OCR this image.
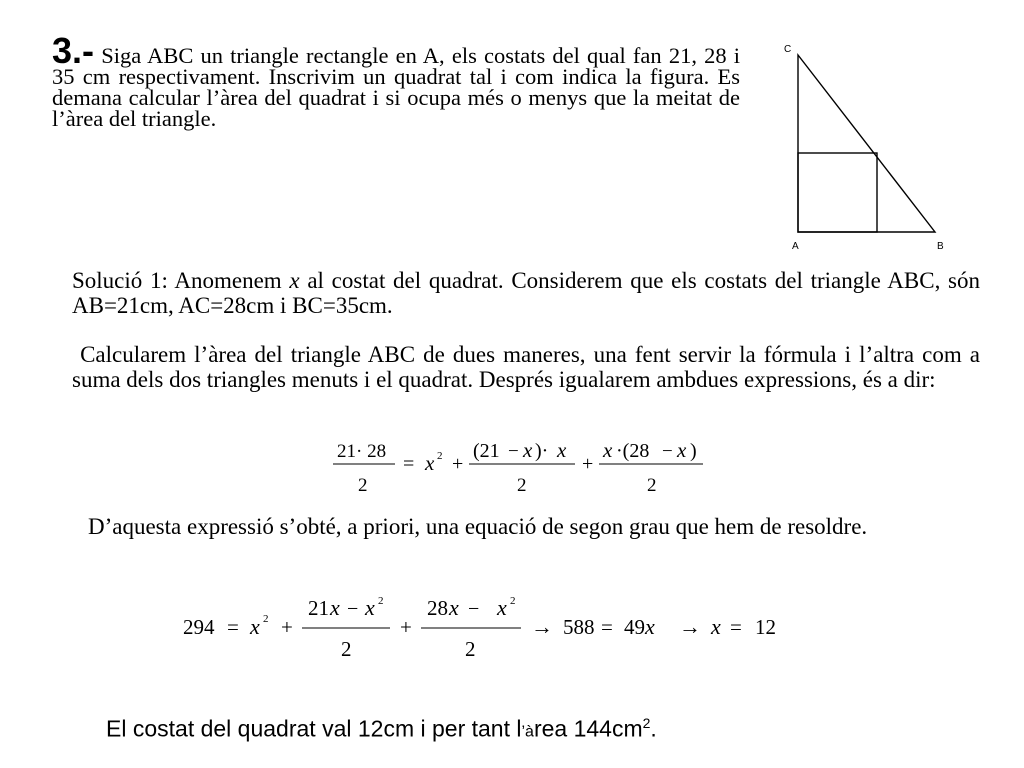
3.- Siga ABC un triangle rectangle en A, els costats del qual fan 21, 28 i 35 cm respectivament. Inscrivim un quadrat tal i com indica la figura. Es demana calcular l’àrea del quadrat i si ocupa més o menys que la meitat de l’àrea del triangle.
C
A	B
Solució 1: Anomenem x al costat del quadrat. Considerem que els costats del triangle ABC, són AB=21cm, AC=28cm i BC=35cm.
Calcularem l’àrea del triangle ABC de dues maneres, una fent servir la fórmula i l’altra com a suma dels dos triangles menuts i el quadrat. Després igualarem ambdues expressions, és a dir:
21· 28
2
= x 2 +
(21 − x )· x
2
+
x ·(28 − x )
2
D’aquesta expressió s’obté, a priori, una equació de segon grau que hem de resoldre.
294 = x 2 +
21 x − x 2
2
+
28 x − x 2
2
→ 588 = 49 x → x = 12
El costat del quadrat val 12cm i per tant l’àrea $144cm^2$.
